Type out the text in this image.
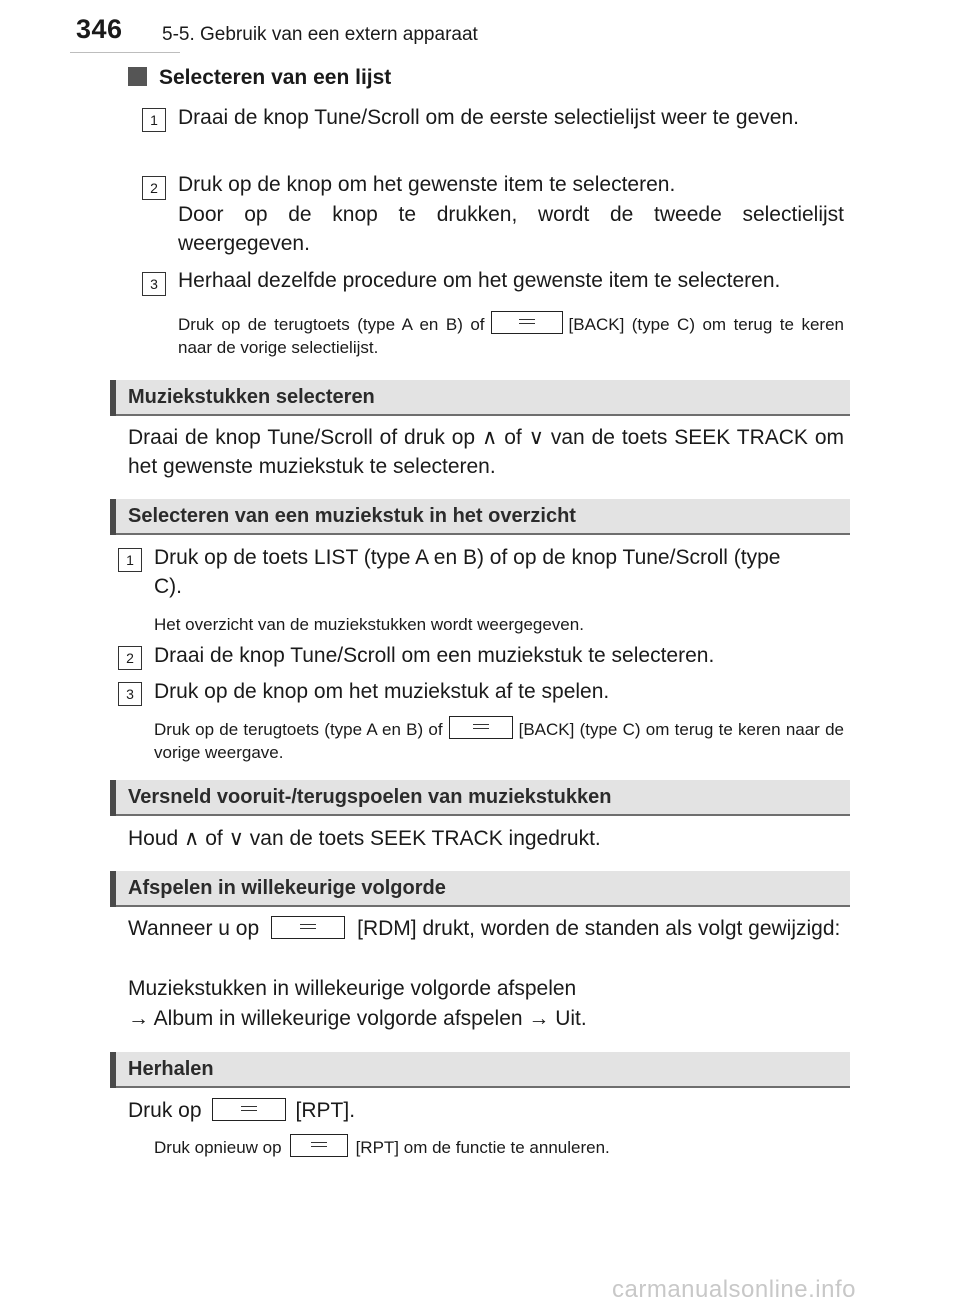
346 5-5. Gebruik van een extern apparaat
Selecteren van een lijst
1 Draai de knop Tune/Scroll om de eerste selectielijst weer te geven.
2 Druk op de knop om het gewenste item te selecteren.
Door op de knop te drukken, wordt de tweede selectielijst weergegeven.
3 Herhaal dezelfde procedure om het gewenste item te selecteren.
Druk op de terugtoets (type A en B) of	[BACK] (type C) om terug te keren naar de vorige selectielijst.
Muziekstukken selecteren
Draai de knop Tune/Scroll of druk op ∧ of ∨ van de toets SEEK TRACK om het gewenste muziekstuk te selecteren.
Selecteren van een muziekstuk in het overzicht
1 Druk op de toets LIST (type A en B) of op de knop Tune/Scroll (type C).
Het overzicht van de muziekstukken wordt weergegeven.
2 Draai de knop Tune/Scroll om een muziekstuk te selecteren.
3 Druk op de knop om het muziekstuk af te spelen.
Druk op de terugtoets (type A en B) of	[BACK] (type C) om terug te keren naar de vorige weergave.
Versneld vooruit-/terugspoelen van muziekstukken
Houd ∧ of ∨ van de toets SEEK TRACK ingedrukt.
Afspelen in willekeurige volgorde
Wanneer u op	[RDM] drukt, worden de standen als volgt gewijzigd:
Muziekstukken in willekeurige volgorde afspelen
→ Album in willekeurige volgorde afspelen → Uit.
Herhalen
Druk op	[RPT].
Druk opnieuw op	[RPT] om de functie te annuleren.
carmanualsonline.info
